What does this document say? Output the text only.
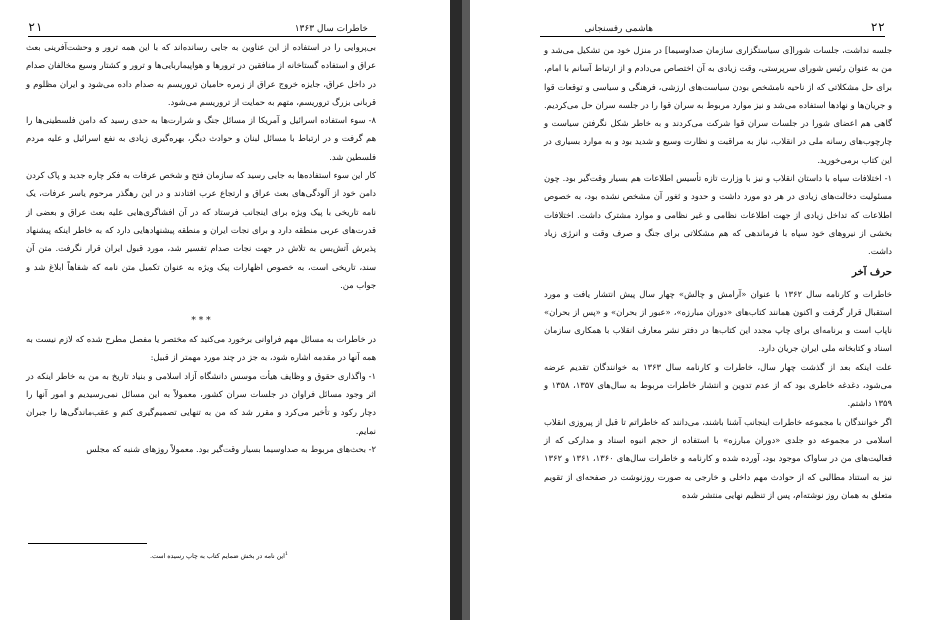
۲۱	خاطرات سال ۱۳۶۳

بی‌پروایی را در استفاده از این عناوین به جایی رسانده‌اند که با این همه ترور و وحشت‌آفرینی بعث عراق و استفاده گستاخانه از منافقین در ترورها و هواپیماربایی‌ها و ترور و کشتار وسیع مخالفان صدام در داخل عراق، جایزه خروج عراق از زمره حامیان تروریسم به صدام داده می‌شود و ایران مظلوم و قربانی بزرگ تروریسم، متهم به حمایت از تروریسم می‌شود.

۸- سوء استفاده اسرائیل و آمریکا از مسائل جنگ و شرارت‌ها به حدی رسید که دامن فلسطینی‌ها را هم گرفت و در ارتباط با مسائل لبنان و حوادث دیگر، بهره‌گیری زیادی به نفع اسرائیل و علیه مردم فلسطین شد.

کار این سوء استفاده‌ها به جایی رسید که سازمان فتح و شخص عرفات به فکر چاره جدید و پاک کردن دامن خود از آلودگی‌های بعث عراق و ارتجاع عرب افتادند و در این رهگذر مرحوم یاسر عرفات، یک نامه تاریخی با پیک ویژه برای اینجانب فرستاد که در آن افشاگری‌هایی علیه بعث عراق و بعضی از قدرت‌های عربی منطقه دارد و برای نجات ایران و منطقه پیشنهادهایی دارد که به خاطر اینکه پیشنهاد پذیرش آتش‌بس به تلاش در جهت نجات صدام تفسیر شد، مورد قبول ایران قرار نگرفت. متن آن سند، تاریخی است، به خصوص اظهارات پیک ویژه به عنوان تکمیل متن نامه که شفاهاً ابلاغ شد و جواب من.

* * *

در خاطرات به مسائل مهم فراوانی برخورد می‌کنید که مختصر یا مفصل مطرح شده که لازم نیست به همه آنها در مقدمه اشاره شود، به جز در چند مورد مهمتر از قبیل:

۱- واگذاری حقوق و وظایف هیأت موسس دانشگاه آزاد اسلامی و بنیاد تاریخ به من به خاطر اینکه در اثر وجود مسائل فراوان در جلسات سران کشور، معمولاً به این مسائل نمی‌رسیدیم و امور آنها را دچار رکود و تأخیر می‌کرد و مقرر شد که من به تنهایی تصمیم‌گیری کنم و عقب‌ماندگی‌ها را جبران نمایم.

۲- بحث‌های مربوط به صداوسیما بسیار وقت‌گیر بود. معمولاً روزهای شنبه که مجلس

$^1$این نامه در بخش ضمایم کتاب به چاپ رسیده است.
۲۲
هاشمی رفسنجانی

جلسه نداشت، جلسات شورا[ی سیاستگزاری سازمان صداوسیما] در منزل خود من تشکیل می‌شد و من به عنوان رئیس شورای سرپرستی، وقت زیادی به آن اختصاص می‌دادم و از ارتباط آسانم با امام، برای حل مشکلاتی که از ناحیه نامشخص بودن سیاست‌های ارزشی، فرهنگی و سیاسی و توقعات قوا و جریان‌ها و نهادها استفاده می‌شد و نیز موارد مربوط به سران قوا را در جلسه سران حل می‌کردیم. گاهی هم اعضای شورا در جلسات سران قوا شرکت می‌کردند و به خاطر شکل نگرفتن سیاست و چارچوب‌های رسانه ملی در انقلاب، نیاز به مراقبت و نظارت وسیع و شدید بود و به موارد بسیاری در این کتاب برمی‌خورید.

۱- اختلافات سپاه با داستان انقلاب و نیز با وزارت تازه تأسیس اطلاعات هم بسیار وقت‌گیر بود. چون مسئولیت دخالت‌های زیادی در هر دو مورد داشت و حدود و ثغور آن مشخص نشده بود، به خصوص اطلاعات که تداخل زیادی از جهت اطلاعات نظامی و غیر نظامی و موارد مشترک داشت. اختلافات بخشی از نیروهای خود سپاه با فرماندهی که هم مشکلاتی برای جنگ و صرف وقت و انرژی زیاد داشت.

حرف آخر

خاطرات و کارنامه سال ۱۳۶۲ با عنوان «آرامش و چالش» چهار سال پیش انتشار یافت و مورد استقبال قرار گرفت و اکنون همانند کتاب‌های «دوران مبارزه»، «عبور از بحران» و «پس از بحران» ناپاب است و برنامه‌ای برای چاپ مجدد این کتاب‌ها در دفتر نشر معارف انقلاب با همکاری سازمان اسناد و کتابخانه ملی ایران جریان دارد.

علت اینکه بعد از گذشت چهار سال، خاطرات و کارنامه سال ۱۳۶۳ به خوانندگان تقدیم عرضه می‌شود، دغدغه خاطری بود که از عدم تدوین و انتشار خاطرات مربوط به سال‌های ۱۳۵۷، ۱۳۵۸ و ۱۳۵۹ داشتم.

اگر خوانندگان با مجموعه خاطرات اینجانب آشنا باشند، می‌دانند که خاطراتم تا قبل از پیروزی انقلاب اسلامی در مجموعه دو جلدی «دوران مبارزه» با استفاده از حجم انبوه اسناد و مدارکی که از فعالیت‌های من در ساواک موجود بود، آورده شده و کارنامه و خاطرات سال‌های ۱۳۶۰، ۱۳۶۱ و ۱۳۶۲ نیز به استناد مطالبی که از حوادث مهم داخلی و خارجی به صورت روزنوشت در صفحه‌ای از تقویم متعلق به همان روز نوشته‌ام، پس از تنظیم نهایی منتشر شده
